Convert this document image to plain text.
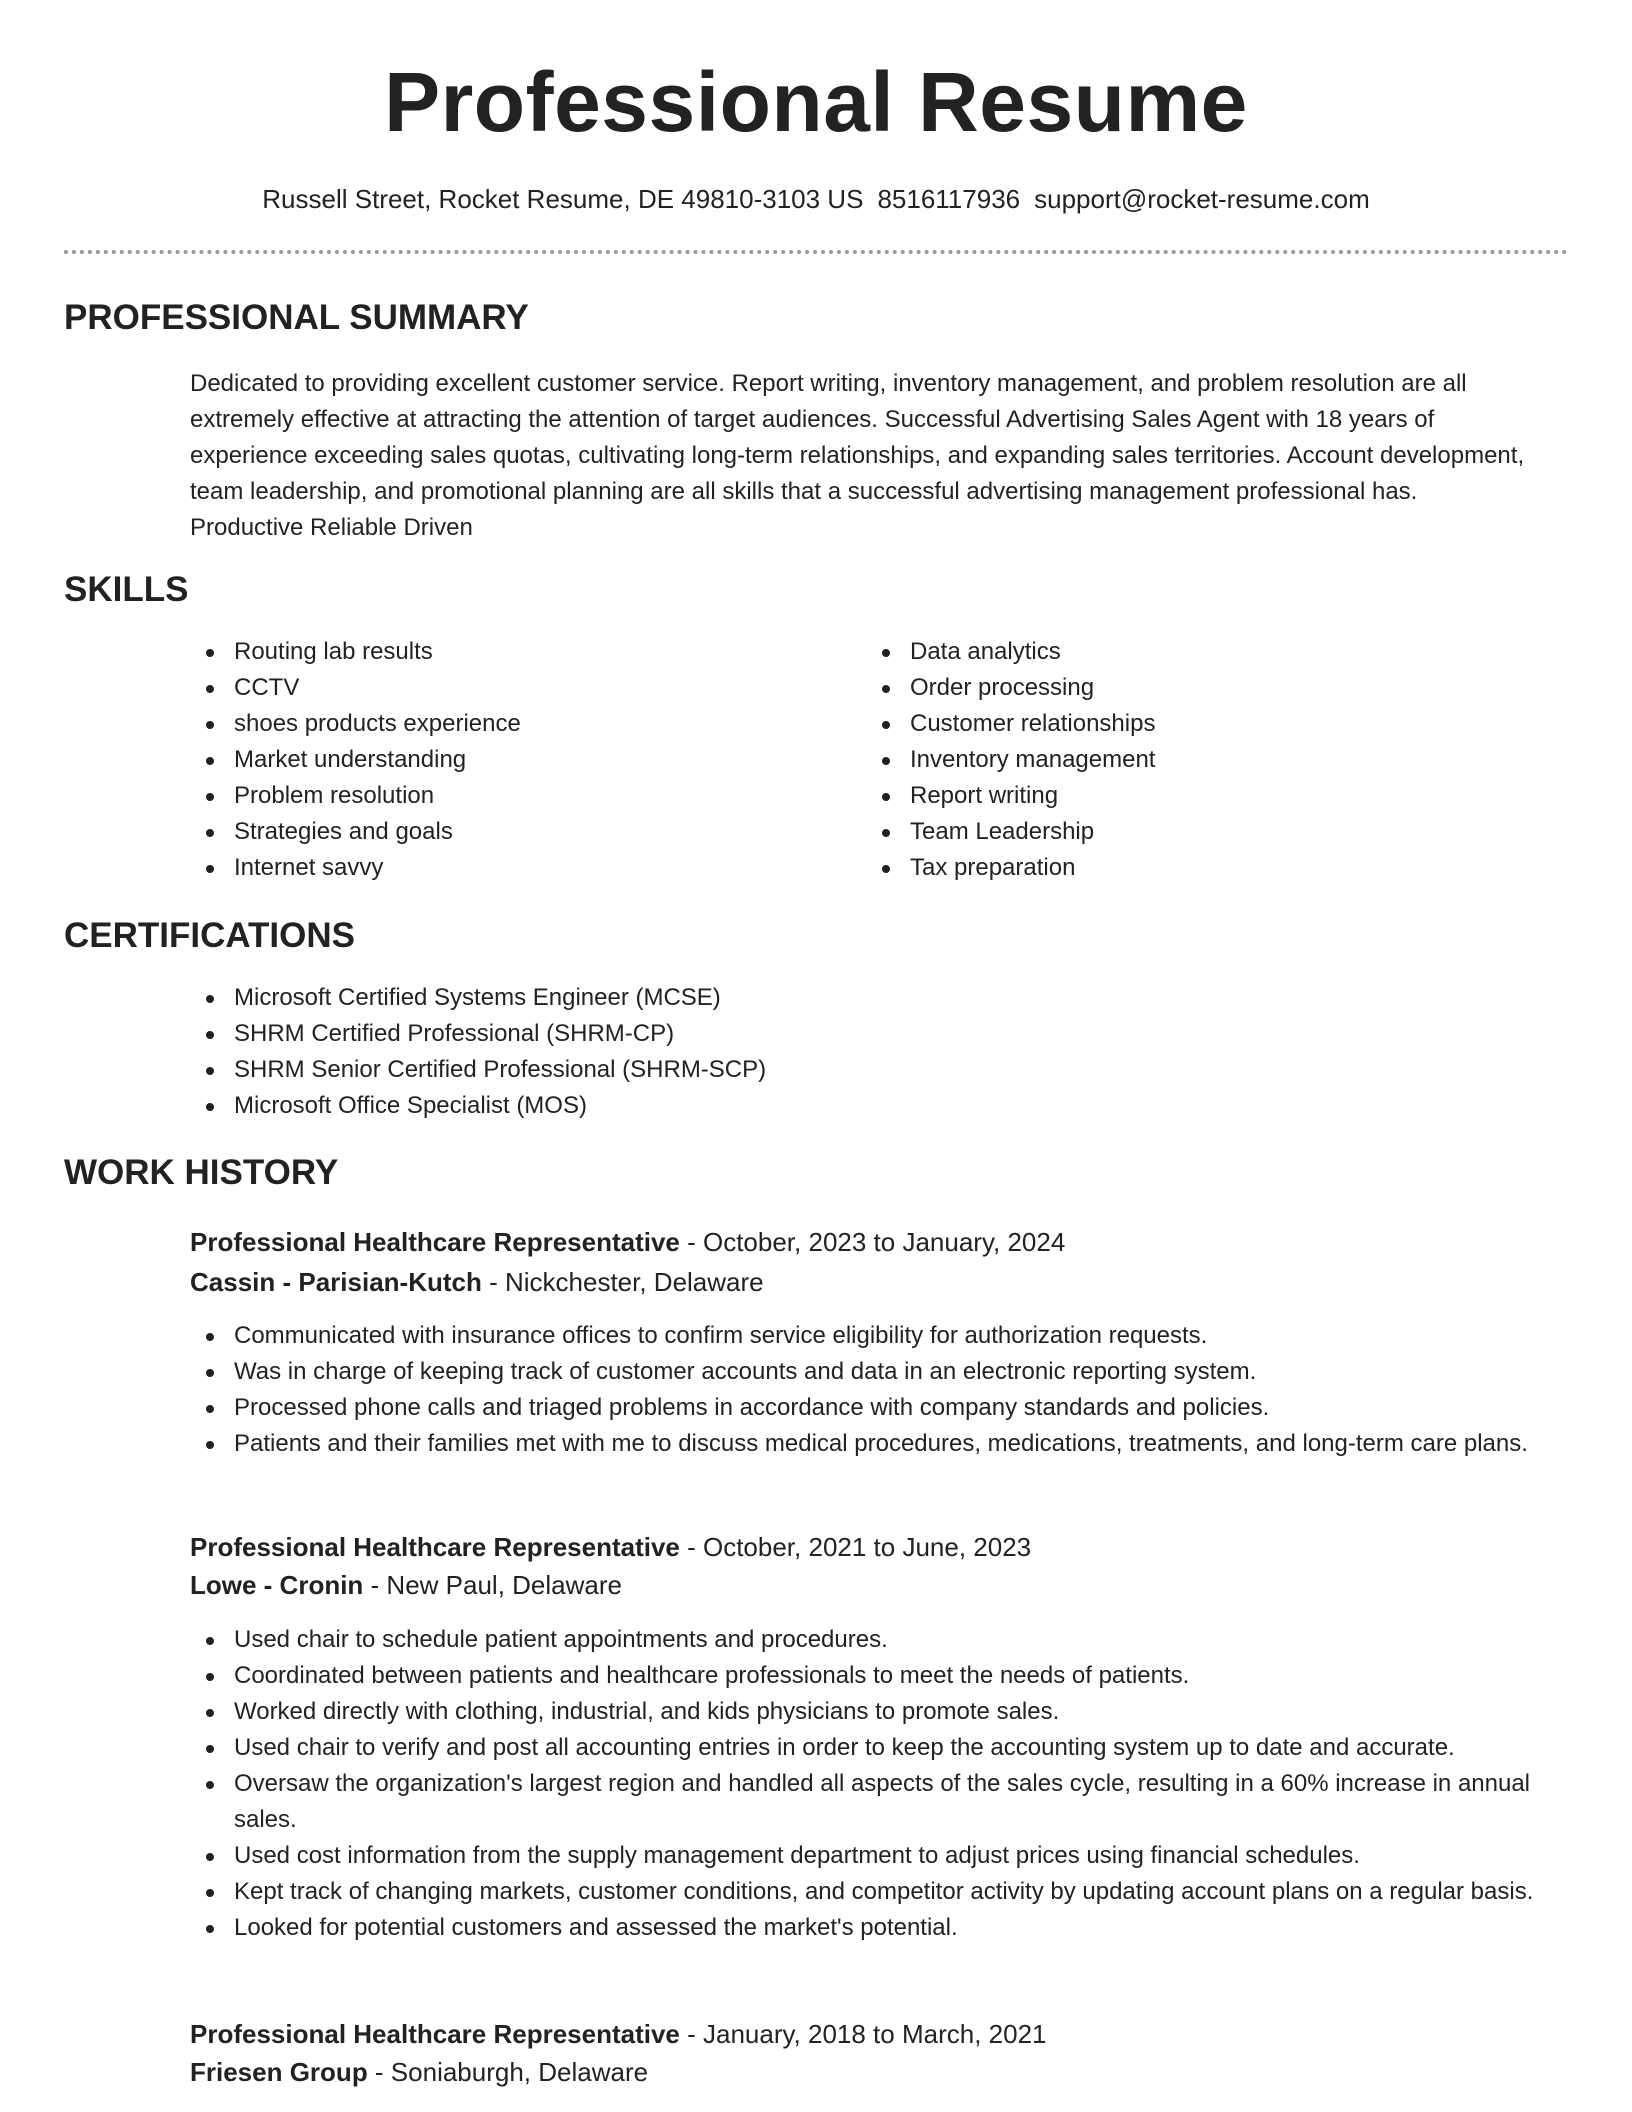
Professional Resume
Russell Street, Rocket Resume, DE 49810-3103 US 8516117936 support@rocket-resume.com
PROFESSIONAL SUMMARY

Dedicated to providing excellent customer service. Report writing, inventory management, and problem resolution are all extremely effective at attracting the attention of target audiences. Successful Advertising Sales Agent with 18 years of experience exceeding sales quotas, cultivating long-term relationships, and expanding sales territories. Account development, team leadership, and promotional planning are all skills that a successful advertising management professional has. Productive Reliable Driven

SKILLS
Routing lab results
CCTV
shoes products experience
Market understanding
Problem resolution
Strategies and goals
Internet savvy
Data analytics
Order processing
Customer relationships
Inventory management
Report writing
Team Leadership
Tax preparation
CERTIFICATIONS
Microsoft Certified Systems Engineer (MCSE)
SHRM Certified Professional (SHRM-CP)
SHRM Senior Certified Professional (SHRM-SCP)
Microsoft Office Specialist (MOS)
WORK HISTORY
Professional Healthcare Representative - October, 2023 to January, 2024
Cassin - Parisian-Kutch - Nickchester, Delaware
Communicated with insurance offices to confirm service eligibility for authorization requests.
Was in charge of keeping track of customer accounts and data in an electronic reporting system.
Processed phone calls and triaged problems in accordance with company standards and policies.
Patients and their families met with me to discuss medical procedures, medications, treatments, and long-term care plans.
Professional Healthcare Representative - October, 2021 to June, 2023
Lowe - Cronin - New Paul, Delaware
Used chair to schedule patient appointments and procedures.
Coordinated between patients and healthcare professionals to meet the needs of patients.
Worked directly with clothing, industrial, and kids physicians to promote sales.
Used chair to verify and post all accounting entries in order to keep the accounting system up to date and accurate.
Oversaw the organization's largest region and handled all aspects of the sales cycle, resulting in a 60% increase in annual sales.
Used cost information from the supply management department to adjust prices using financial schedules.
Kept track of changing markets, customer conditions, and competitor activity by updating account plans on a regular basis.
Looked for potential customers and assessed the market's potential.
Professional Healthcare Representative - January, 2018 to March, 2021
Friesen Group - Soniaburgh, Delaware
